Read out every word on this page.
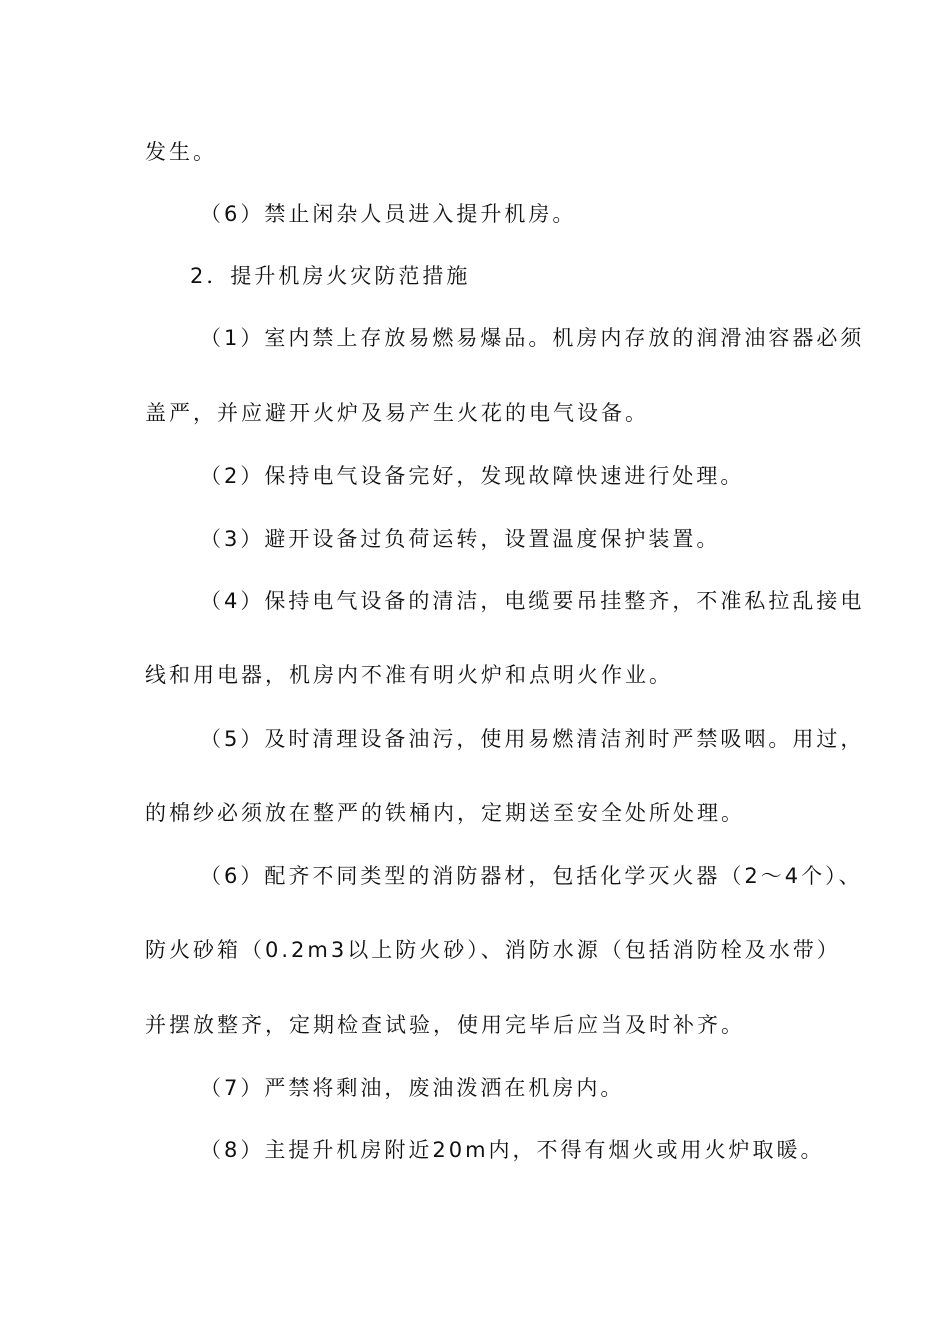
发生。
（6）禁止闲杂人员进入提升机房。
2．提升机房火灾防范措施
（1）室内禁上存放易燃易爆品。机房内存放的润滑油容器必须
盖严，并应避开火炉及易产生火花的电气设备。
（2）保持电气设备完好，发现故障快速进行处理。
（3）避开设备过负荷运转，设置温度保护装置。
（4）保持电气设备的清洁，电缆要吊挂整齐，不准私拉乱接电
线和用电器，机房内不准有明火炉和点明火作业。
（5）及时清理设备油污，使用易燃清洁剂时严禁吸咽。用过，
的棉纱必须放在整严的铁桶内，定期送至安全处所处理。
（6）配齐不同类型的消防器材，包括化学灭火器（2～4个）、
防火砂箱（0.2m3以上防火砂）、消防水源（包括消防栓及水带）
并摆放整齐，定期检查试验，使用完毕后应当及时补齐。
（7）严禁将剩油，废油泼洒在机房内。
（8）主提升机房附近20m内，不得有烟火或用火炉取暖。
